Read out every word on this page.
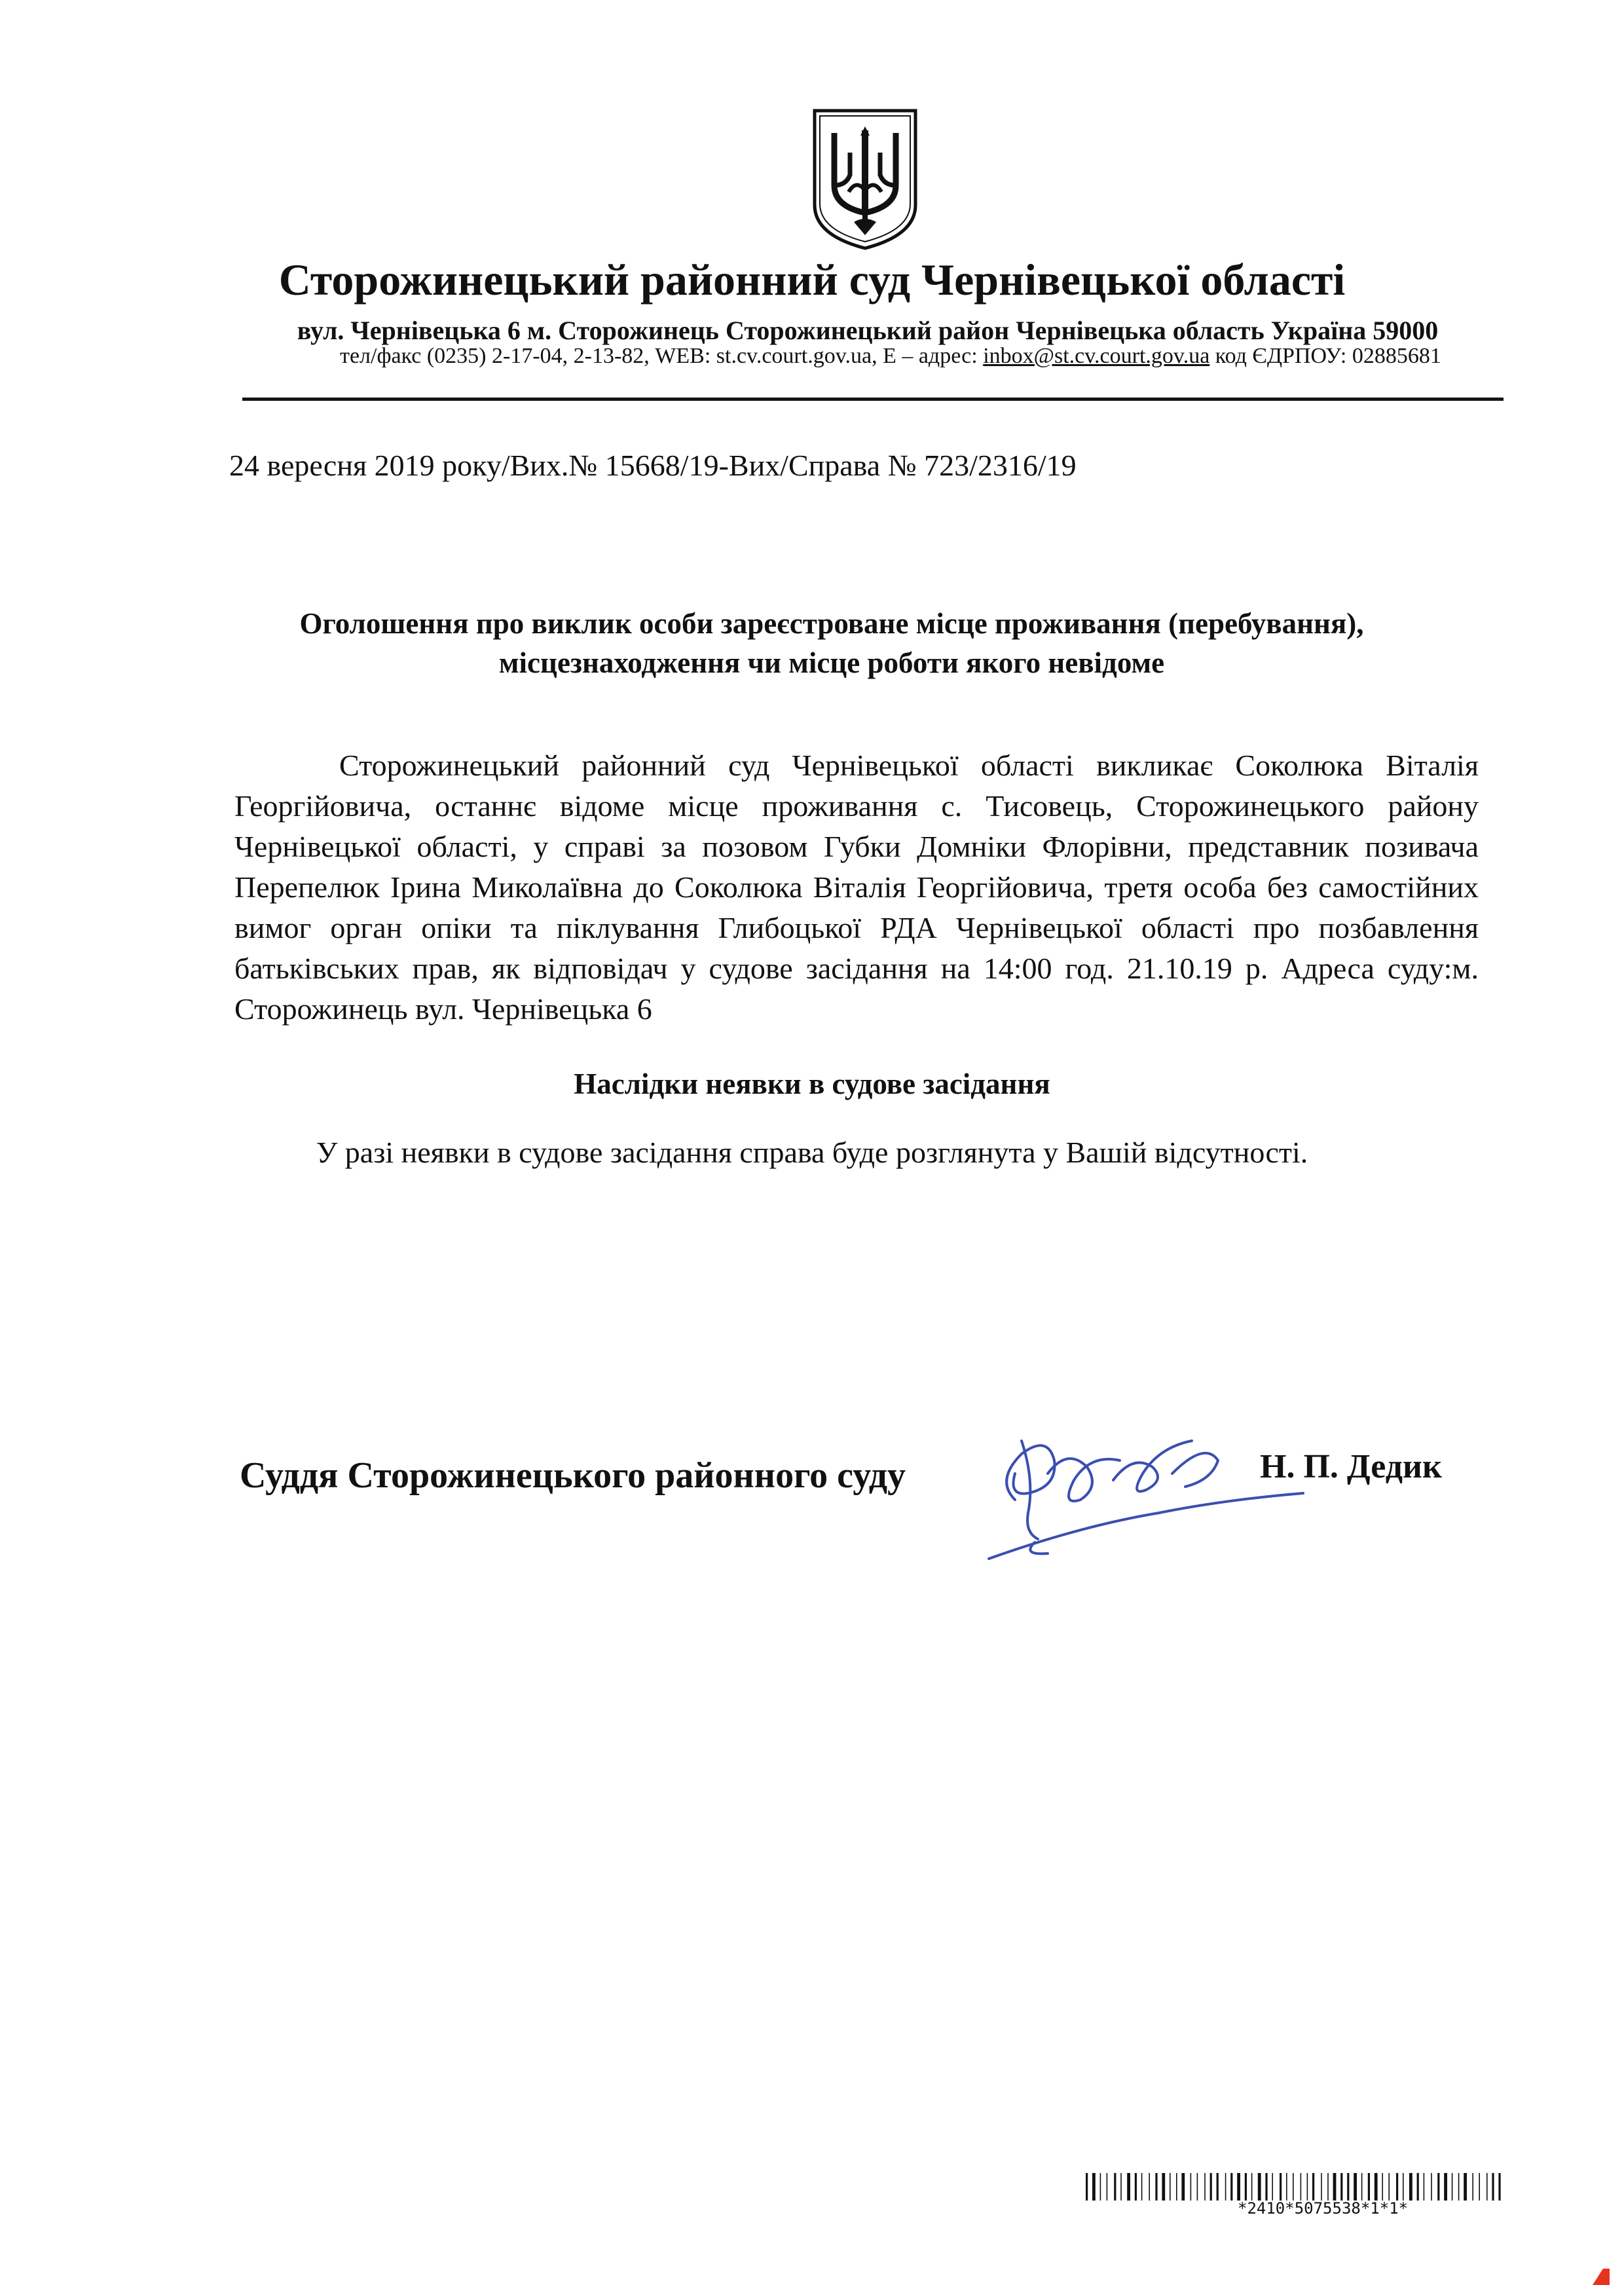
Сторожинецький районний суд Чернівецької області
вул. Чернівецька 6 м. Сторожинець Сторожинецький район Чернівецька область Україна 59000
тел/факс (0235) 2-17-04, 2-13-82, WEB: st.cv.court.gov.ua, E – адрес: inbox@st.cv.court.gov.ua код ЄДРПОУ: 02885681
24 вересня 2019 року/Вих.№ 15668/19-Вих/Справа № 723/2316/19
Оголошення про виклик особи зареєстроване місце проживання (перебування),
місцезнаходження чи місце роботи якого невідоме
Сторожинецький районний суд Чернівецької області викликає Соколюка Віталія Георгійовича, останнє відоме місце проживання с. Тисовець, Сторожинецького району Чернівецької області, у справі за позовом Губки Домніки Флорівни, представник позивача Перепелюк Ірина Миколаївна до Соколюка Віталія Георгійовича, третя особа без самостійних вимог орган опіки та піклування Глибоцької РДА Чернівецької області про позбавлення батьківських прав, як відповідач у судове засідання на 14:00 год. 21.10.19 р. Адреса суду:м. Сторожинець вул. Чернівецька 6
Наслідки неявки в судове засідання
У разі неявки в судове засідання справа буде розглянута у Вашій відсутності.
Суддя Сторожинецького районного суду	Н. П. Дедик
*2410*5075538*1*1*
